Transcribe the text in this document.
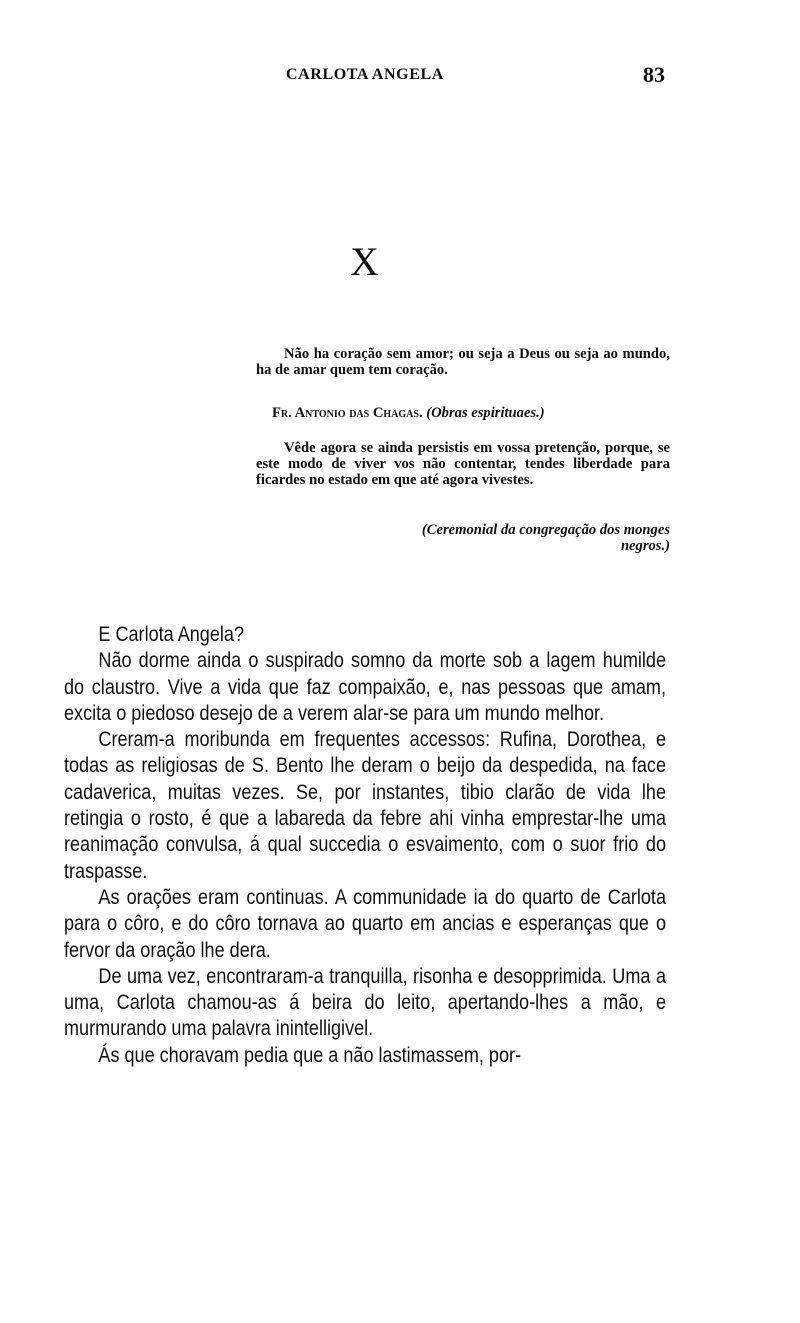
CARLOTA ANGELA	83
X

Não ha coração sem amor; ou seja a Deus ou seja ao mundo, ha de amar quem tem coração.

Fr. Antonio das Chagas. (Obras espirituaes.)

Vêde agora se ainda persistis em vossa pretenção, porque, se este modo de viver vos não contentar, tendes liberdade para ficardes no estado em que até agora vivestes.

(Ceremonial da congregação dos monges negros.)

E Carlota Angela?

Não dorme ainda o suspirado somno da morte sob a lagem humilde do claustro. Vive a vida que faz compaixão, e, nas pessoas que amam, excita o piedoso desejo de a verem alar-se para um mundo melhor.

Creram-a moribunda em frequentes accessos: Rufina, Dorothea, e todas as religiosas de S. Bento lhe deram o beijo da despedida, na face cadaverica, muitas vezes. Se, por instantes, tibio clarão de vida lhe retingia o rosto, é que a labareda da febre ahi vinha emprestar-lhe uma reanimação convulsa, á qual succedia o esvaimento, com o suor frio do traspasse.

As orações eram continuas. A communidade ia do quarto de Carlota para o côro, e do côro tornava ao quarto em ancias e esperanças que o fervor da oração lhe dera.

De uma vez, encontraram-a tranquilla, risonha e desopprimida. Uma a uma, Carlota chamou-as á beira do leito, apertando-lhes a mão, e murmurando uma palavra inintelligivel.

Ás que choravam pedia que a não lastimassem, por-
